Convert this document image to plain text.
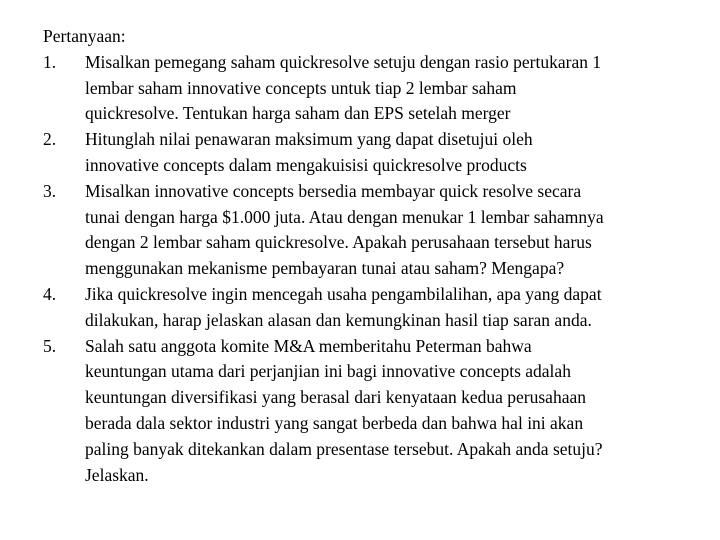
Pertanyaan:

1.	Misalkan pemegang saham quickresolve setuju dengan rasio pertukaran 1
lembar saham innovative concepts untuk tiap 2 lembar saham
quickresolve. Tentukan harga saham dan EPS setelah merger
2.	Hitunglah nilai penawaran maksimum yang dapat disetujui oleh
innovative concepts dalam mengakuisisi quickresolve products
3.	Misalkan innovative concepts bersedia membayar quick resolve secara
tunai dengan harga $1.000 juta. Atau dengan menukar 1 lembar sahamnya
dengan 2 lembar saham quickresolve. Apakah perusahaan tersebut harus
menggunakan mekanisme pembayaran tunai atau saham? Mengapa?
4.	Jika quickresolve ingin mencegah usaha pengambilalihan, apa yang dapat
dilakukan, harap jelaskan alasan dan kemungkinan hasil tiap saran anda.
5.	Salah satu anggota komite M&A memberitahu Peterman bahwa
keuntungan utama dari perjanjian ini bagi innovative concepts adalah
keuntungan diversifikasi yang berasal dari kenyataan kedua perusahaan
berada dala sektor industri yang sangat berbeda dan bahwa hal ini akan
paling banyak ditekankan dalam presentase tersebut. Apakah anda setuju?
Jelaskan.
